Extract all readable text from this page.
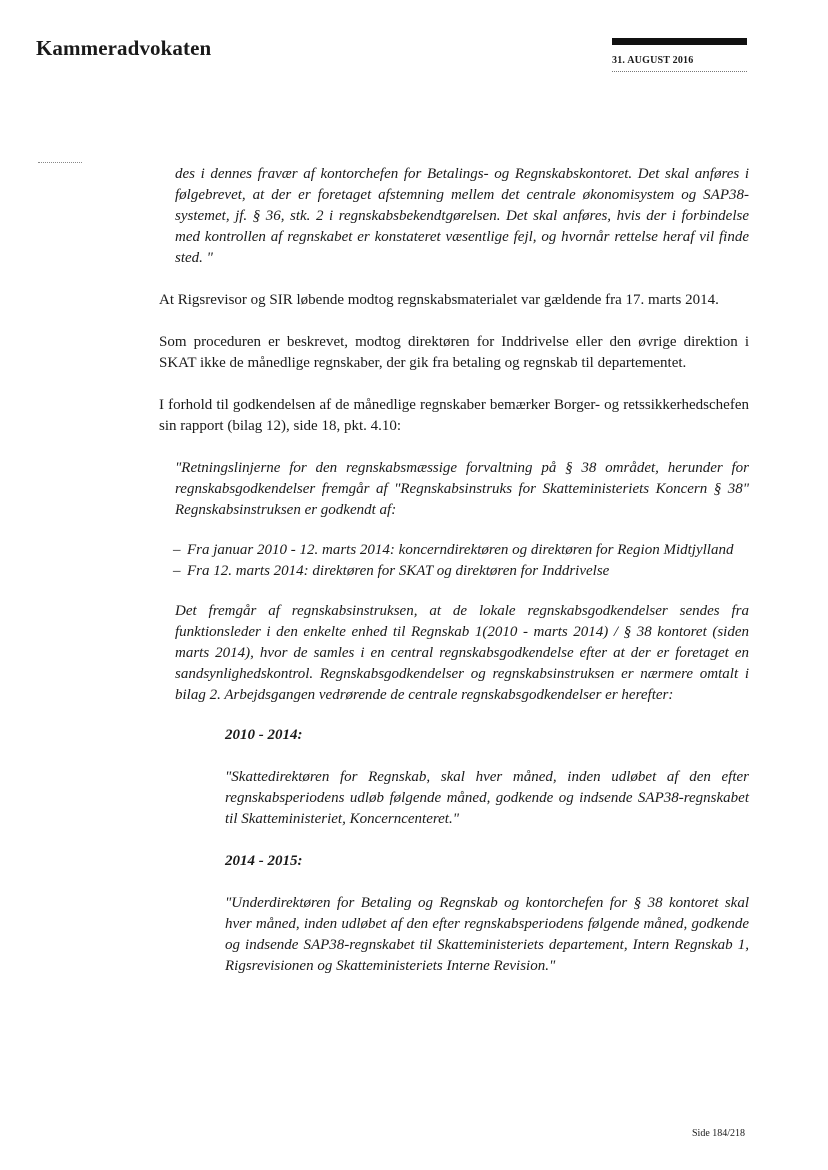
Kammeradvokaten
31. AUGUST 2016

des i dennes fravær af kontorchefen for Betalings- og Regnskabskontoret. Det skal anføres i følgebrevet, at der er foretaget afstemning mellem det centrale økonomisystem og SAP38-systemet, jf. § 36, stk. 2 i regnskabsbekendtgørelsen. Det skal anføres, hvis der i forbindelse med kontrollen af regnskabet er konstateret væsentlige fejl, og hvornår rettelse heraf vil finde sted. "

At Rigsrevisor og SIR løbende modtog regnskabsmaterialet var gældende fra 17. marts 2014.

Som proceduren er beskrevet, modtog direktøren for Inddrivelse eller den øvrige direktion i SKAT ikke de månedlige regnskaber, der gik fra betaling og regnskab til departementet.

I forhold til godkendelsen af de månedlige regnskaber bemærker Borger- og retssikkerhedschefen sin rapport (bilag 12), side 18, pkt. 4.10:

"Retningslinjerne for den regnskabsmæssige forvaltning på § 38 området, herunder for regnskabsgodkendelser fremgår af "Regnskabsinstruks for Skatteministeriets Koncern § 38" Regnskabsinstruksen er godkendt af:

– Fra januar 2010 - 12. marts 2014: koncerndirektøren og direktøren for Region Midtjylland
– Fra 12. marts 2014: direktøren for SKAT og direktøren for Inddrivelse

Det fremgår af regnskabsinstruksen, at de lokale regnskabsgodkendelser sendes fra funktionsleder i den enkelte enhed til Regnskab 1(2010 - marts 2014) / § 38 kontoret (siden marts 2014), hvor de samles i en central regnskabsgodkendelse efter at der er foretaget en sandsynlighedskontrol. Regnskabsgodkendelser og regnskabsinstruksen er nærmere omtalt i bilag 2. Arbejdsgangen vedrørende de centrale regnskabsgodkendelser er herefter:

2010 - 2014:

"Skattedirektøren for Regnskab, skal hver måned, inden udløbet af den efter regnskabsperiodens udløb følgende måned, godkende og indsende SAP38-regnskabet til Skatteministeriet, Koncerncenteret."

2014 - 2015:

"Underdirektøren for Betaling og Regnskab og kontorchefen for § 38 kontoret skal hver måned, inden udløbet af den efter regnskabsperiodens følgende måned, godkende og indsende SAP38-regnskabet til Skatteministeriets departement, Intern Regnskab 1, Rigsrevisionen og Skatteministeriets Interne Revision."

Side 184/218
